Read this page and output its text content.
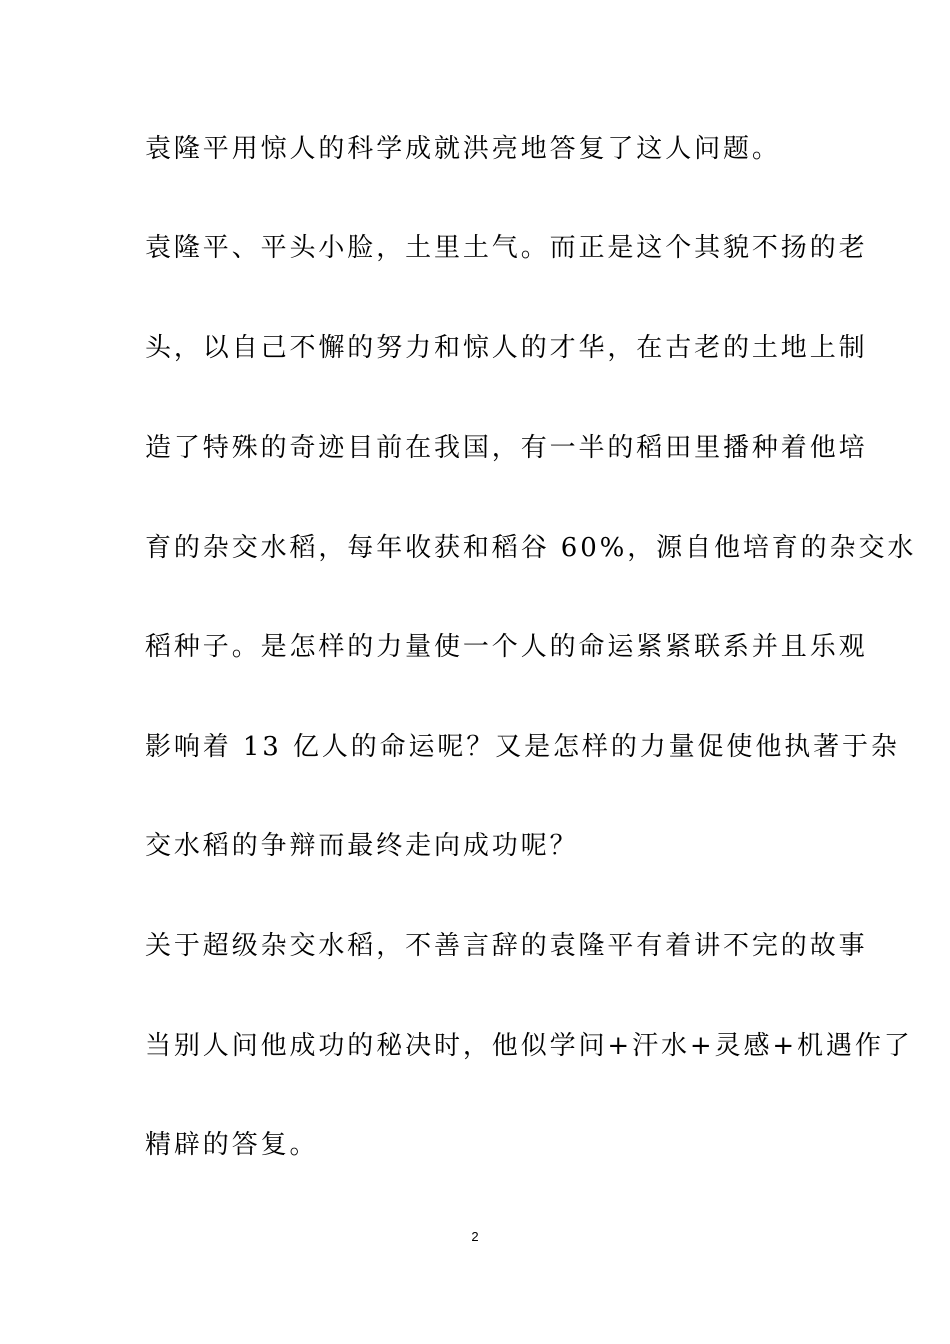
袁隆平用惊人的科学成就洪亮地答复了这人问题。
袁隆平、平头小脸，土里土气。而正是这个其貌不扬的老
头，以自己不懈的努力和惊人的才华，在古老的土地上制
造了特殊的奇迹目前在我国，有一半的稻田里播种着他培
育的杂交水稻，每年收获和稻谷 60%，源自他培育的杂交水
稻种子。是怎样的力量使一个人的命运紧紧联系并且乐观
影响着 13 亿人的命运呢？又是怎样的力量促使他执著于杂
交水稻的争辩而最终走向成功呢？
关于超级杂交水稻，不善言辞的袁隆平有着讲不完的故事
当别人问他成功的秘决时，他似学问+汗水+灵感+机遇作了
精辟的答复。
2
